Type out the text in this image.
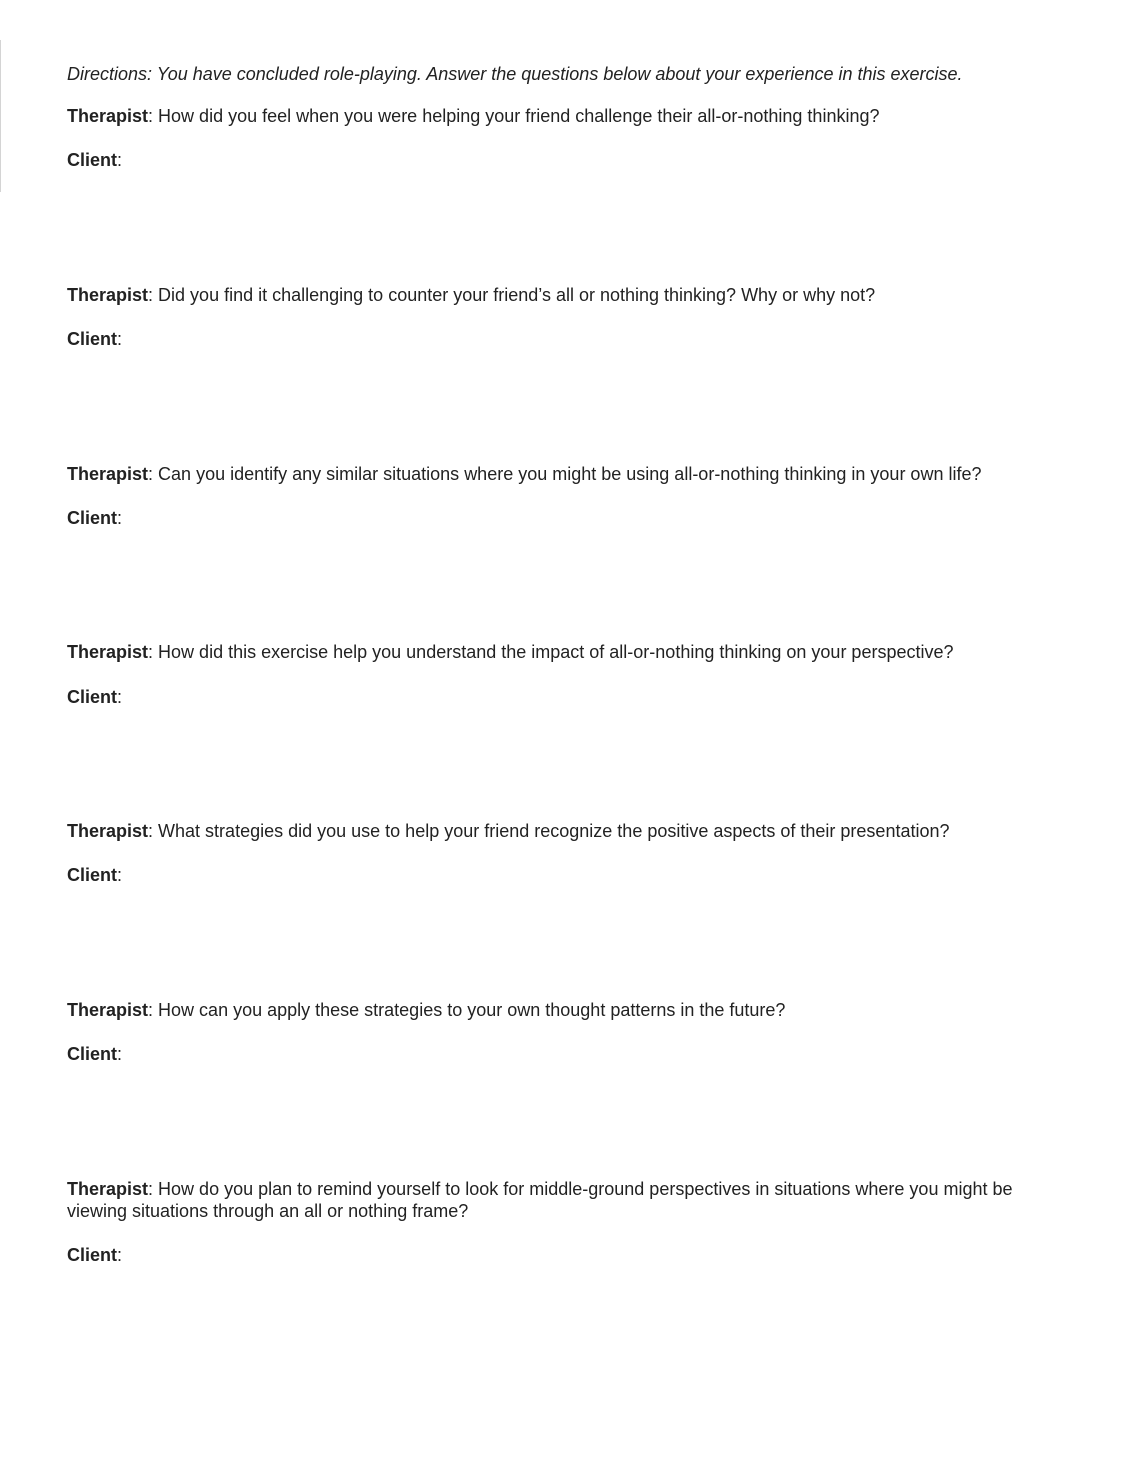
Directions: You have concluded role-playing. Answer the questions below about your experience in this exercise.

Therapist: How did you feel when you were helping your friend challenge their all-or-nothing thinking?

Client:

Therapist: Did you find it challenging to counter your friend’s all or nothing thinking? Why or why not?

Client:

Therapist: Can you identify any similar situations where you might be using all-or-nothing thinking in your own life?

Client:

Therapist: How did this exercise help you understand the impact of all-or-nothing thinking on your perspective?

Client:

Therapist: What strategies did you use to help your friend recognize the positive aspects of their presentation?

Client:

Therapist: How can you apply these strategies to your own thought patterns in the future?

Client:

Therapist: How do you plan to remind yourself to look for middle-ground perspectives in situations where you might be viewing situations through an all or nothing frame?

Client:
